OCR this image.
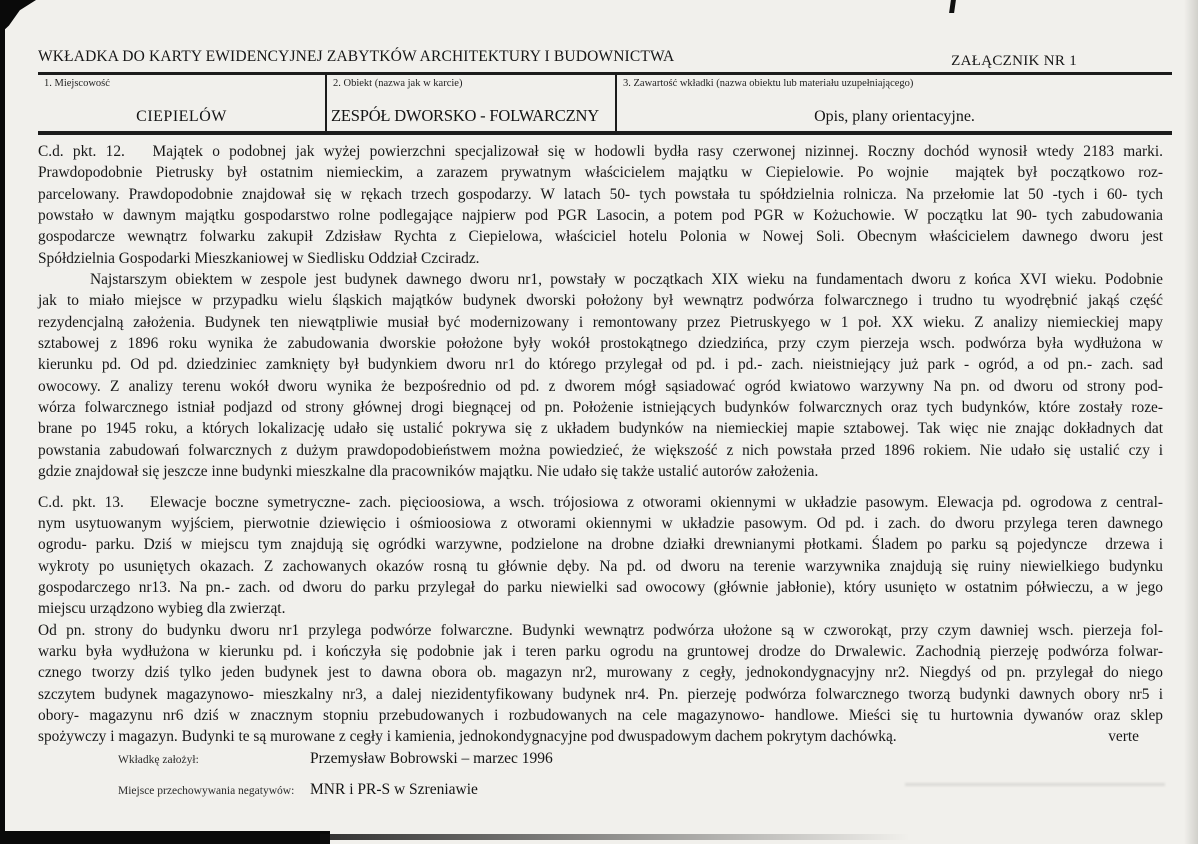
WKŁADKA DO KARTY EWIDENCYJNEJ ZABYTKÓW ARCHITEKTURY I BUDOWNICTWA	ZAŁĄCZNIK NR 1
1. Miejscowość
CIEPIELÓW
2. Obiekt (nazwa jak w karcie)
ZESPÓŁ DWORSKO - FOLWARCZNY
3. Zawartość wkładki (nazwa obiektu lub materiału uzupełniającego)
Opis, plany orientacyjne.
C.d. pkt. 12.   Majątek o podobnej jak wyżej powierzchni specjalizował się w hodowli bydła rasy czerwonej nizinnej. Roczny dochód wynosił wtedy 2183 marki.
Prawdopodobnie Pietrusky był ostatnim niemieckim, a zarazem prywatnym właścicielem majątku w Ciepielowie. Po wojnie  majątek był początkowo roz-
parcelowany. Prawdopodobnie znajdował się w rękach trzech gospodarzy. W latach 50- tych powstała tu spółdzielnia rolnicza. Na przełomie lat 50 -tych i 60- tych
powstało w dawnym majątku gospodarstwo rolne podlegające najpierw pod PGR Lasocin, a potem pod PGR w Kożuchowie. W początku lat 90- tych zabudowania
gospodarcze wewnątrz folwarku zakupił Zdzisław Rychta z Ciepielowa, właściciel hotelu Polonia w Nowej Soli. Obecnym właścicielem dawnego dworu jest
Spółdzielnia Gospodarki Mieszkaniowej w Siedlisku Oddział Czciradz.
Najstarszym obiektem w zespole jest budynek dawnego dworu nr1, powstały w początkach XIX wieku na fundamentach dworu z końca XVI wieku. Podobnie
jak to miało miejsce w przypadku wielu śląskich majątków budynek dworski położony był wewnątrz podwórza folwarcznego i trudno tu wyodrębnić jakąś część
rezydencjalną założenia. Budynek ten niewątpliwie musiał być modernizowany i remontowany przez Pietruskyego w 1 poł. XX wieku. Z analizy niemieckiej mapy
sztabowej z 1896 roku wynika że zabudowania dworskie położone były wokół prostokątnego dziedzińca, przy czym pierzeja wsch. podwórza była wydłużona w
kierunku pd. Od pd. dziedziniec zamknięty był budynkiem dworu nr1 do którego przylegał od pd. i pd.- zach. nieistniejący już park - ogród, a od pn.- zach. sad
owocowy. Z analizy terenu wokół dworu wynika że bezpośrednio od pd. z dworem mógł sąsiadować ogród kwiatowo warzywny Na pn. od dworu od strony pod-
wórza folwarcznego istniał podjazd od strony głównej drogi biegnącej od pn. Położenie istniejących budynków folwarcznych oraz tych budynków, które zostały roze-
brane po 1945 roku, a których lokalizację udało się ustalić pokrywa się z układem budynków na niemieckiej mapie sztabowej. Tak więc nie znając dokładnych dat
powstania zabudowań folwarcznych z dużym prawdopodobieństwem można powiedzieć, że większość z nich powstała przed 1896 rokiem. Nie udało się ustalić czy i
gdzie znajdował się jeszcze inne budynki mieszkalne dla pracowników majątku. Nie udało się także ustalić autorów założenia.
C.d. pkt. 13.   Elewacje boczne symetryczne- zach. pięcioosiowa, a wsch. trójosiowa z otworami okiennymi w układzie pasowym. Elewacja pd. ogrodowa z central-
nym usytuowanym wyjściem, pierwotnie dziewięcio i ośmioosiowa z otworami okiennymi w układzie pasowym. Od pd. i zach. do dworu przylega teren dawnego
ogrodu- parku. Dziś w miejscu tym znajdują się ogródki warzywne, podzielone na drobne działki drewnianymi płotkami. Śladem po parku są pojedyncze  drzewa i
wykroty po usuniętych okazach. Z zachowanych okazów rosną tu głównie dęby. Na pd. od dworu na terenie warzywnika znajdują się ruiny niewielkiego budynku
gospodarczego nr13. Na pn.- zach. od dworu do parku przylegał do parku niewielki sad owocowy (głównie jabłonie), który usunięto w ostatnim półwieczu, a w jego
miejscu urządzono wybieg dla zwierząt.
Od pn. strony do budynku dworu nr1 przylega podwórze folwarczne. Budynki wewnątrz podwórza ułożone są w czworokąt, przy czym dawniej wsch. pierzeja fol-
warku była wydłużona w kierunku pd. i kończyła się podobnie jak i teren parku ogrodu na gruntowej drodze do Drwalewic. Zachodnią pierzeję podwórza folwar-
cznego tworzy dziś tylko jeden budynek jest to dawna obora ob. magazyn nr2, murowany z cegły, jednokondygnacyjny nr2. Niegdyś od pn. przylegał do niego
szczytem budynek magazynowo- mieszkalny nr3, a dalej niezidentyfikowany budynek nr4. Pn. pierzeję podwórza folwarcznego tworzą budynki dawnych obory nr5 i
obory- magazynu nr6 dziś w znacznym stopniu przebudowanych i rozbudowanych na cele magazynowo- handlowe. Mieści się tu hurtownia dywanów oraz sklep
spożywczy i magazyn. Budynki te są murowane z cegły i kamienia, jednokondygnacyjne pod dwuspadowym dachem pokrytym dachówką.	verte
Wkładkę założył:	Przemysław Bobrowski – marzec 1996
Miejsce przechowywania negatywów:	MNR i PR-S w Szreniawie
